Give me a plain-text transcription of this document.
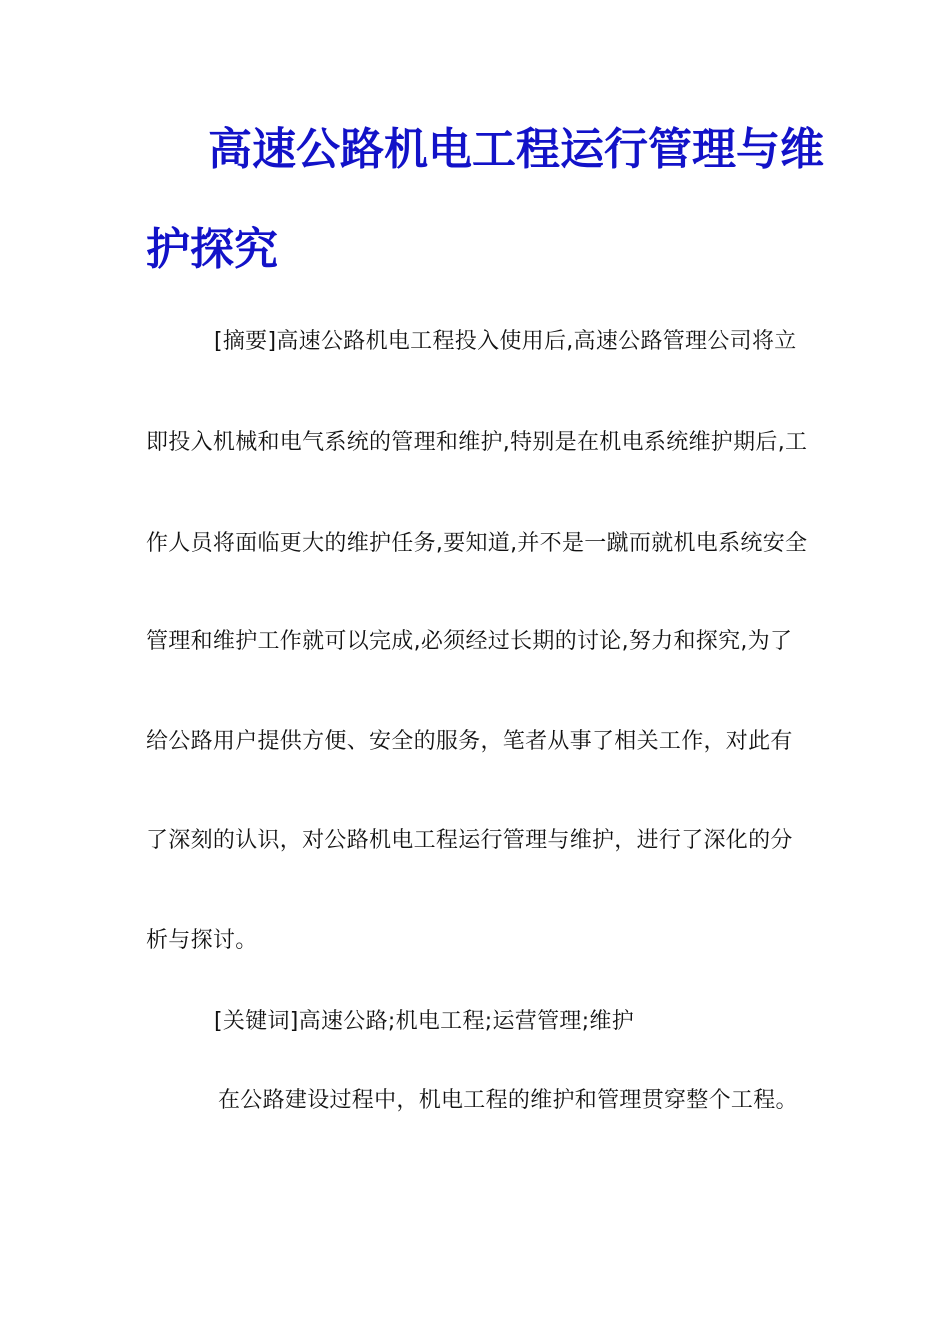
高速公路机电工程运行管理与维
护探究
[摘要]高速公路机电工程投入使用后,高速公路管理公司将立
即投入机械和电气系统的管理和维护,特别是在机电系统维护期后,工
作人员将面临更大的维护任务,要知道,并不是一蹴而就机电系统安全
管理和维护工作就可以完成,必须经过长期的讨论,努力和探究,为了
给公路用户提供方便、安全的服务，笔者从事了相关工作，对此有
了深刻的认识，对公路机电工程运行管理与维护，进行了深化的分
析与探讨。
[关键词]高速公路;机电工程;运营管理;维护
在公路建设过程中，机电工程的维护和管理贯穿整个工程。
